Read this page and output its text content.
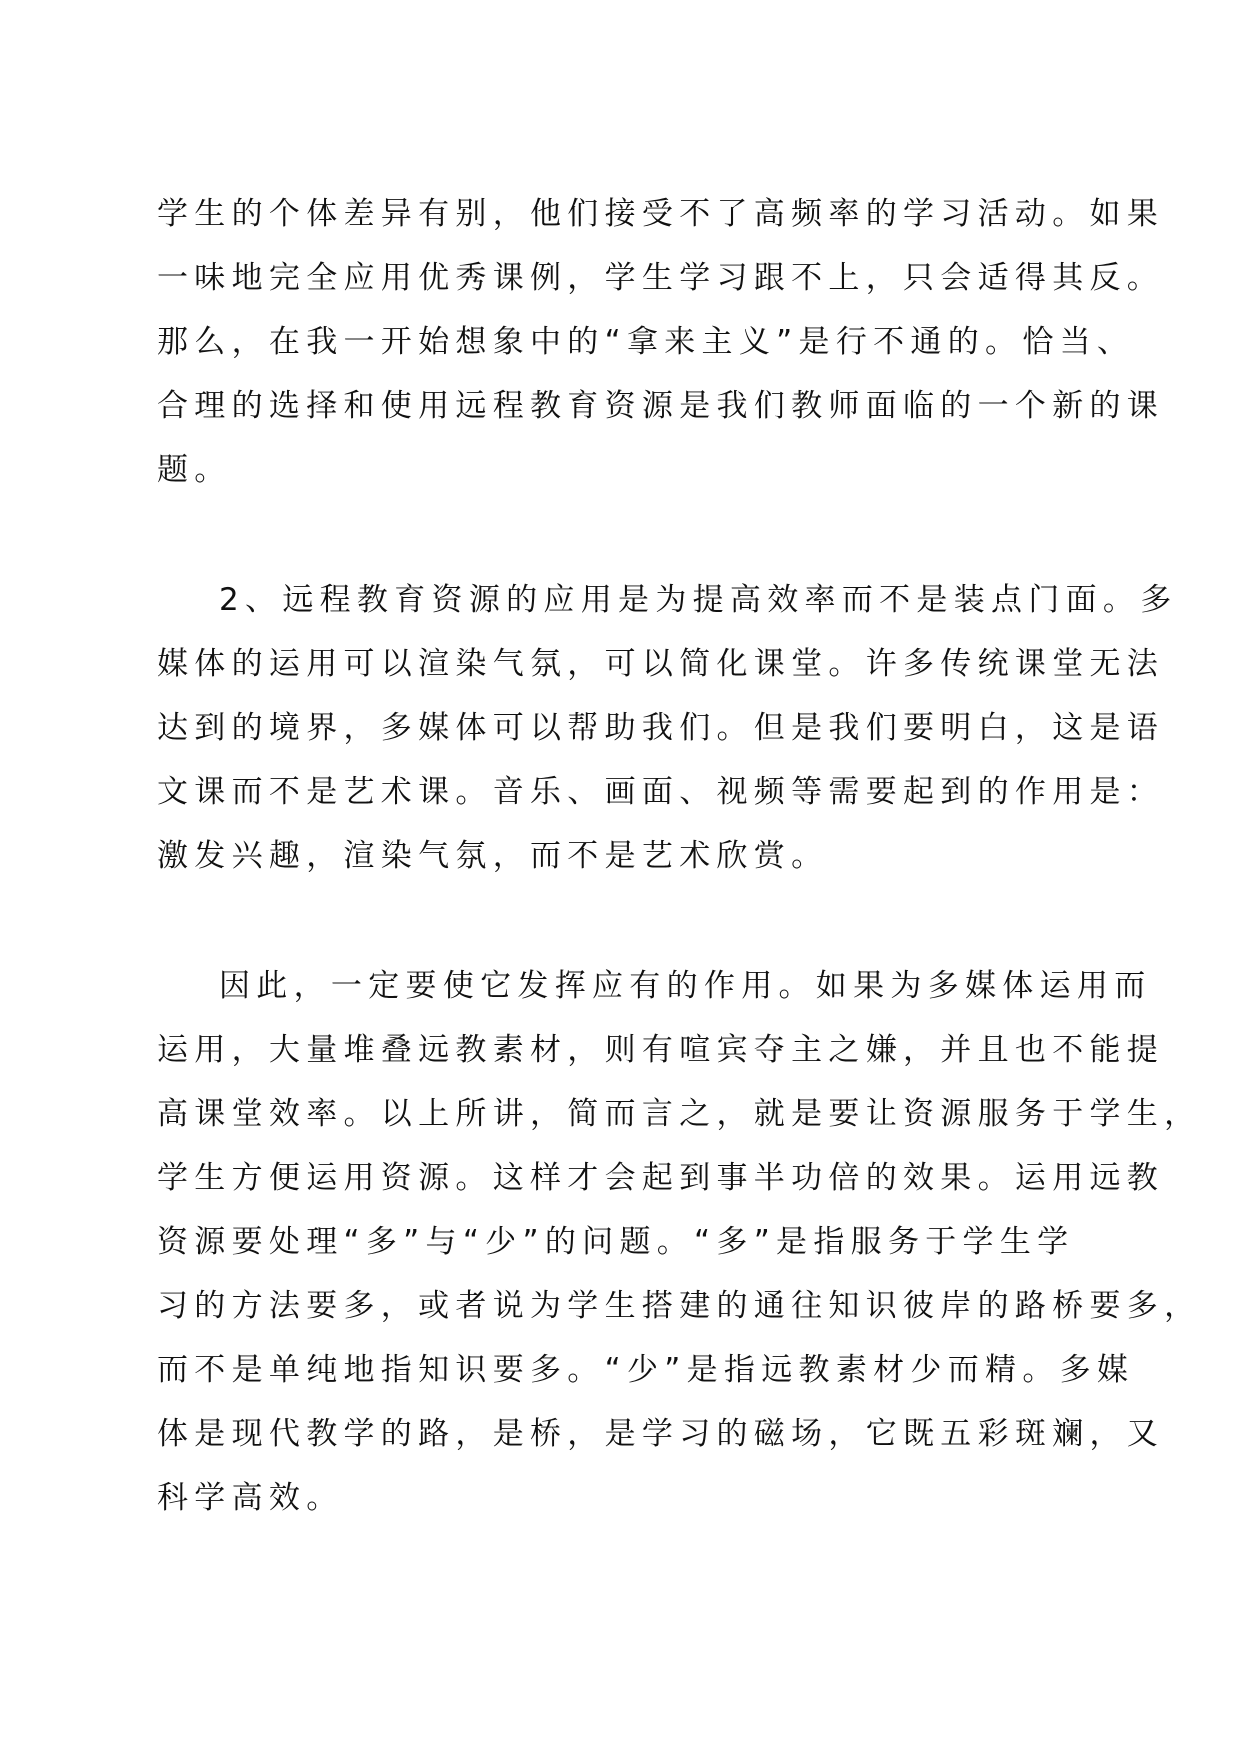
学生的个体差异有别，他们接受不了高频率的学习活动。如果
一味地完全应用优秀课例，学生学习跟不上，只会适得其反。
那么，在我一开始想象中的“拿来主义”是行不通的。恰当、
合理的选择和使用远程教育资源是我们教师面临的一个新的课
题。
2、远程教育资源的应用是为提高效率而不是装点门面。多
媒体的运用可以渲染气氛，可以简化课堂。许多传统课堂无法
达到的境界，多媒体可以帮助我们。但是我们要明白，这是语
文课而不是艺术课。音乐、画面、视频等需要起到的作用是：
激发兴趣，渲染气氛，而不是艺术欣赏。
因此，一定要使它发挥应有的作用。如果为多媒体运用而
运用，大量堆叠远教素材，则有喧宾夺主之嫌，并且也不能提
高课堂效率。以上所讲，简而言之，就是要让资源服务于学生，
学生方便运用资源。这样才会起到事半功倍的效果。运用远教
资源要处理“多”与“少”的问题。“多”是指服务于学生学
习的方法要多，或者说为学生搭建的通往知识彼岸的路桥要多，
而不是单纯地指知识要多。“少”是指远教素材少而精。多媒
体是现代教学的路，是桥，是学习的磁场，它既五彩斑斓，又
科学高效。
